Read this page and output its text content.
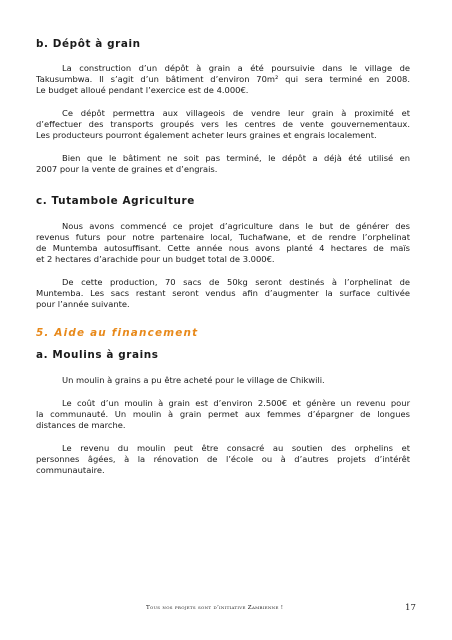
b. Dépôt à grain

La construction d’un dépôt à grain a été poursuivie dans le village de
Takusumbwa. Il s’agit d’un bâtiment d’environ 70m² qui sera terminé en 2008.
Le budget alloué pendant l’exercice est de 4.000€.

Ce dépôt permettra aux villageois de vendre leur grain à proximité et
d’effectuer des transports groupés vers les centres de vente gouvernementaux.
Les producteurs pourront également acheter leurs graines et engrais localement.

Bien que le bâtiment ne soit pas terminé, le dépôt a déjà été utilisé en
2007 pour la vente de graines et d’engrais.

c. Tutambole Agriculture

Nous avons commencé ce projet d’agriculture dans le but de générer des
revenus futurs pour notre partenaire local, Tuchafwane, et de rendre l’orphelinat
de Muntemba autosuffisant. Cette année nous avons planté 4 hectares de maïs
et 2 hectares d’arachide pour un budget total de 3.000€.

De cette production, 70 sacs de 50kg seront destinés à l’orphelinat de
Muntemba. Les sacs restant seront vendus afin d’augmenter la surface cultivée
pour l’année suivante.

5. Aide au financement
a. Moulins à grains

Un moulin à grains a pu être acheté pour le village de Chikwili.

Le coût d’un moulin à grain est d’environ 2.500€ et génère un revenu pour
la communauté. Un moulin à grain permet aux femmes d’épargner de longues
distances de marche.

Le revenu du moulin peut être consacré au soutien des orphelins et
personnes âgées, à la rénovation de l’école ou à d’autres projets d’intérêt
communautaire.

Tous nos projets sont d’initiative Zambienne !	17
